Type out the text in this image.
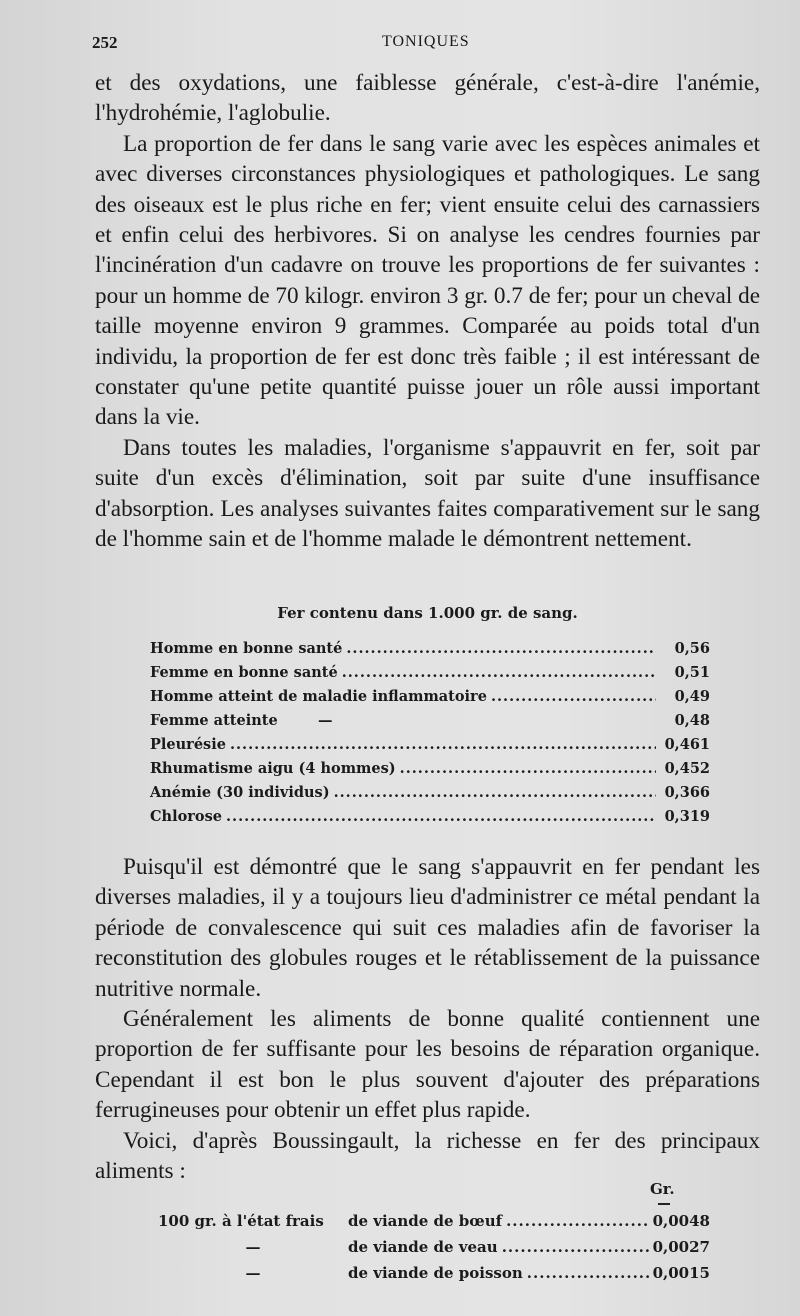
252	TONIQUES

et des oxydations, une faiblesse générale, c'est-à-dire l'anémie, l'hydrohémie, l'aglobulie.

La proportion de fer dans le sang varie avec les espèces animales et avec diverses circonstances physiologiques et pathologiques. Le sang des oiseaux est le plus riche en fer; vient ensuite celui des carnassiers et enfin celui des herbivores. Si on analyse les cendres fournies par l'incinération d'un cadavre on trouve les proportions de fer suivantes : pour un homme de 70 kilogr. environ 3 gr. 0.7 de fer; pour un cheval de taille moyenne environ 9 grammes. Comparée au poids total d'un individu, la proportion de fer est donc très faible ; il est intéressant de constater qu'une petite quantité puisse jouer un rôle aussi important dans la vie.

Dans toutes les maladies, l'organisme s'appauvrit en fer, soit par suite d'un excès d'élimination, soit par suite d'une insuffisance d'absorption. Les analyses suivantes faites comparativement sur le sang de l'homme sain et de l'homme malade le démontrent nettement.

Fer contenu dans 1.000 gr. de sang.
Homme en bonne santé .....	0,56
Femme en bonne santé .....	0,51
Homme atteint de maladie inflammatoire .....	0,49
Femme atteinte        —	0,48
Pleurésie .....	0,461
Rhumatisme aigu (4 hommes) .....	0,452
Anémie (30 individus) .....	0,366
Chlorose .....	0,319

Puisqu'il est démontré que le sang s'appauvrit en fer pendant les diverses maladies, il y a toujours lieu d'administrer ce métal pendant la période de convalescence qui suit ces maladies afin de favoriser la reconstitution des globules rouges et le rétablissement de la puissance nutritive normale.

Généralement les aliments de bonne qualité contiennent une proportion de fer suffisante pour les besoins de réparation organique. Cependant il est bon le plus souvent d'ajouter des préparations ferrugineuses pour obtenir un effet plus rapide.

Voici, d'après Boussingault, la richesse en fer des principaux aliments :

Gr.
100 gr. à l'état frais	de viande de bœuf .....	0,0048
—	de viande de veau .....	0,0027
—	de viande de poisson .....	0,0015
